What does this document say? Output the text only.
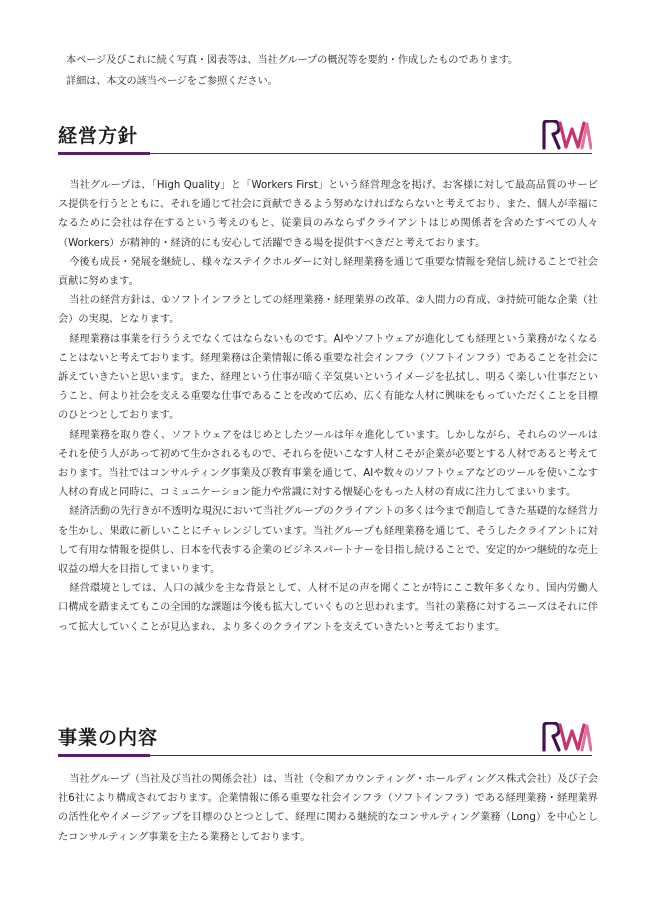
本ページ及びこれに続く写真・図表等は、当社グループの概況等を要約・作成したものであります。

詳細は、本文の該当ページをご参照ください。

経営方針

当社グループは、「High Quality」と「Workers First」という経営理念を掲げ、お客様に対して最高品質のサービス提供を行うとともに、それを通じて社会に貢献できるよう努めなければならないと考えており、また、個人が幸福になるために会社は存在するという考えのもと、従業員のみならずクライアントはじめ関係者を含めたすべての人々（Workers）が精神的・経済的にも安心して活躍できる場を提供すべきだと考えております。

今後も成長・発展を継続し、様々なステイクホルダーに対し経理業務を通じて重要な情報を発信し続けることで社会貢献に努めます。

当社の経営方針は、①ソフトインフラとしての経理業務・経理業界の改革、②人間力の育成、③持続可能な企業（社会）の実現、となります。

経理業務は事業を行ううえでなくてはならないものです。AIやソフトウェアが進化しても経理という業務がなくなることはないと考えております。経理業務は企業情報に係る重要な社会インフラ（ソフトインフラ）であることを社会に訴えていきたいと思います。また、経理という仕事が暗く辛気臭いというイメージを払拭し、明るく楽しい仕事だということ、何より社会を支える重要な仕事であることを改めて広め、広く有能な人材に興味をもっていただくことを目標のひとつとしております。

経理業務を取り巻く、ソフトウェアをはじめとしたツールは年々進化しています。しかしながら、それらのツールはそれを使う人があって初めて生かされるもので、それらを使いこなす人材こそが企業が必要とする人材であると考えております。当社ではコンサルティング事業及び教育事業を通じて、AIや数々のソフトウェアなどのツールを使いこなす人材の育成と同時に、コミュニケーション能力や常識に対する懐疑心をもった人材の育成に注力してまいります。

経済活動の先行きが不透明な現況において当社グループのクライアントの多くは今まで創造してきた基礎的な経営力を生かし、果敢に新しいことにチャレンジしています。当社グループも経理業務を通じて、そうしたクライアントに対して有用な情報を提供し、日本を代表する企業のビジネスパートナーを目指し続けることで、安定的かつ継続的な売上収益の増大を目指してまいります。

経営環境としては、人口の減少を主な背景として、人材不足の声を聞くことが特にここ数年多くなり、国内労働人口構成を踏まえてもこの全国的な課題は今後も拡大していくものと思われます。当社の業務に対するニーズはそれに伴って拡大していくことが見込まれ、より多くのクライアントを支えていきたいと考えております。

事業の内容

当社グループ（当社及び当社の関係会社）は、当社（令和アカウンティング・ホールディングス株式会社）及び子会社6社により構成されております。企業情報に係る重要な社会インフラ（ソフトインフラ）である経理業務・経理業界の活性化やイメージアップを目標のひとつとして、経理に関わる継続的なコンサルティング業務（Long）を中心としたコンサルティング事業を主たる業務としております。
